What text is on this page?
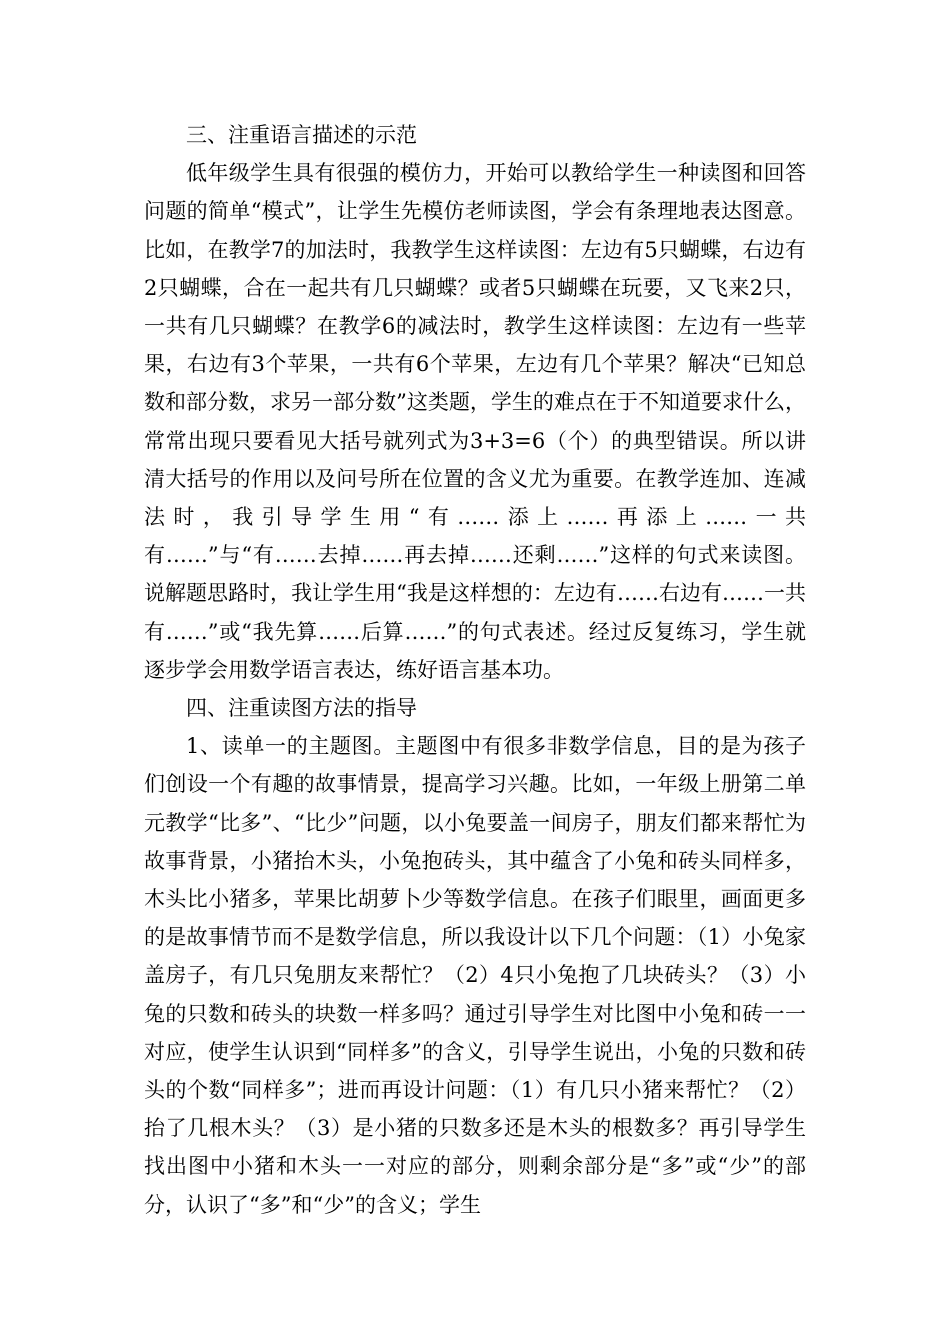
三、注重语言描述的示范

低年级学生具有很强的模仿力，开始可以教给学生一种读图和回答问题的简单“模式”，让学生先模仿老师读图，学会有条理地表达图意。比如，在教学7的加法时，我教学生这样读图：左边有5只蝴蝶，右边有2只蝴蝶，合在一起共有几只蝴蝶？或者5只蝴蝶在玩要，又飞来2只，一共有几只蝴蝶？在教学6的减法时，教学生这样读图：左边有一些苹果，右边有3个苹果，一共有6个苹果，左边有几个苹果？解决“已知总数和部分数，求另一部分数”这类题，学生的难点在于不知道要求什么，常常出现只要看见大括号就列式为3+3=6（个）的典型错误。所以讲清大括号的作用以及问号所在位置的含义尤为重要。在教学连加、连减法时，我引导学生用“有……添上……再添上……一共有……”与“有……去掉……再去掉……还剩……”这样的句式来读图。说解题思路时，我让学生用“我是这样想的：左边有……右边有……一共有……”或“我先算……后算……”的句式表述。经过反复练习，学生就逐步学会用数学语言表达，练好语言基本功。

四、注重读图方法的指导

1、读单一的主题图。主题图中有很多非数学信息，目的是为孩子们创设一个有趣的故事情景，提高学习兴趣。比如，一年级上册第二单元教学“比多”、“比少”问题，以小兔要盖一间房子，朋友们都来帮忙为故事背景，小猪抬木头，小兔抱砖头，其中蕴含了小兔和砖头同样多，木头比小猪多，苹果比胡萝卜少等数学信息。在孩子们眼里，画面更多的是故事情节而不是数学信息，所以我设计以下几个问题：（1）小兔家盖房子，有几只兔朋友来帮忙？（2）4只小兔抱了几块砖头？（3）小兔的只数和砖头的块数一样多吗？通过引导学生对比图中小兔和砖一一对应，使学生认识到“同样多”的含义，引导学生说出，小兔的只数和砖头的个数“同样多”；进而再设计问题：（1）有几只小猪来帮忙？（2）抬了几根木头？（3）是小猪的只数多还是木头的根数多？再引导学生找出图中小猪和木头一一对应的部分，则剩余部分是“多”或“少”的部分，认识了“多”和“少”的含义；学生
